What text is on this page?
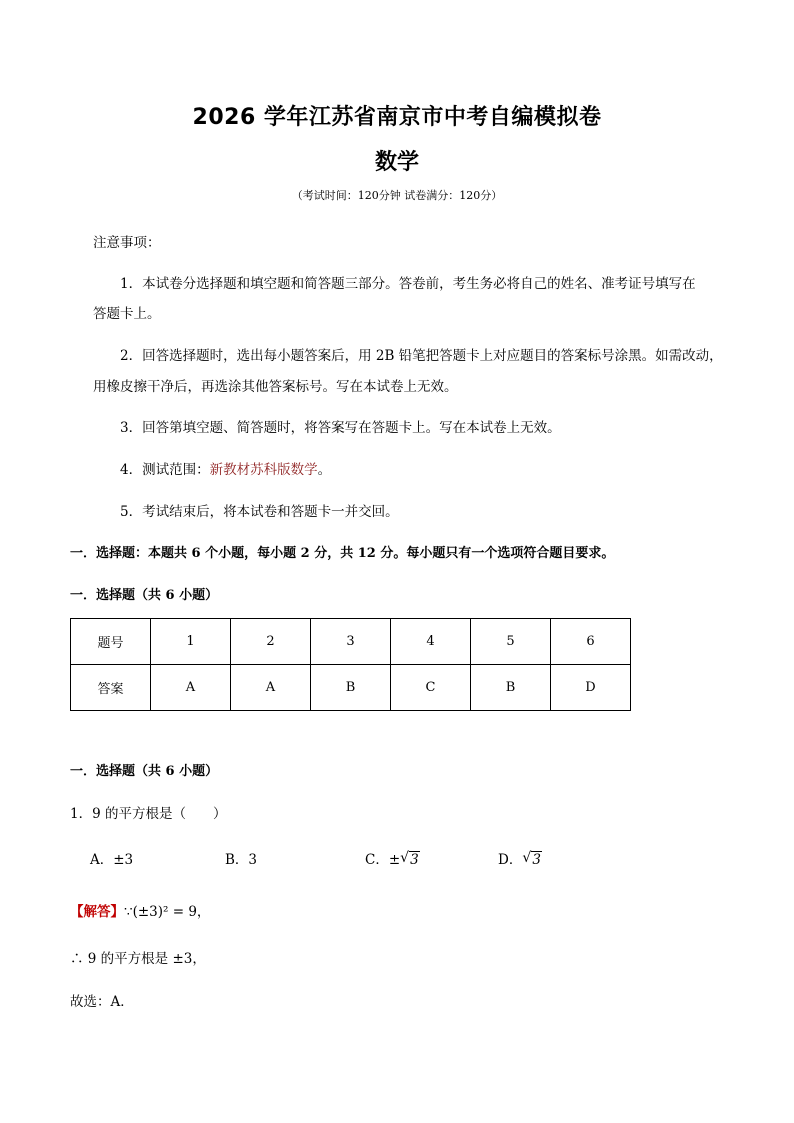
2026 学年江苏省南京市中考自编模拟卷
数学
（考试时间：120分钟 试卷满分：120分）
注意事项：
1．本试卷分选择题和填空题和简答题三部分。答卷前，考生务必将自己的姓名、准考证号填写在
答题卡上。
2．回答选择题时，选出每小题答案后，用 2B 铅笔把答题卡上对应题目的答案标号涂黑。如需改动，
用橡皮擦干净后，再选涂其他答案标号。写在本试卷上无效。
3．回答第填空题、简答题时，将答案写在答题卡上。写在本试卷上无效。
4．测试范围：新教材苏科版数学。
5．考试结束后，将本试卷和答题卡一并交回。
一．选择题：本题共 6 个小题，每小题 2 分，共 12 分。每小题只有一个选项符合题目要求。
一．选择题（共 6 小题）
题号	1	2	3	4	5	6
答案	A	A	B	C	B	D
一．选择题（共 6 小题）
1．9 的平方根是（　　）
A．±3	B．3	C．± √ 3	D． √ 3
【解答】∵(±3)² = 9，
∴ 9 的平方根是 ±3，
故选：A．
